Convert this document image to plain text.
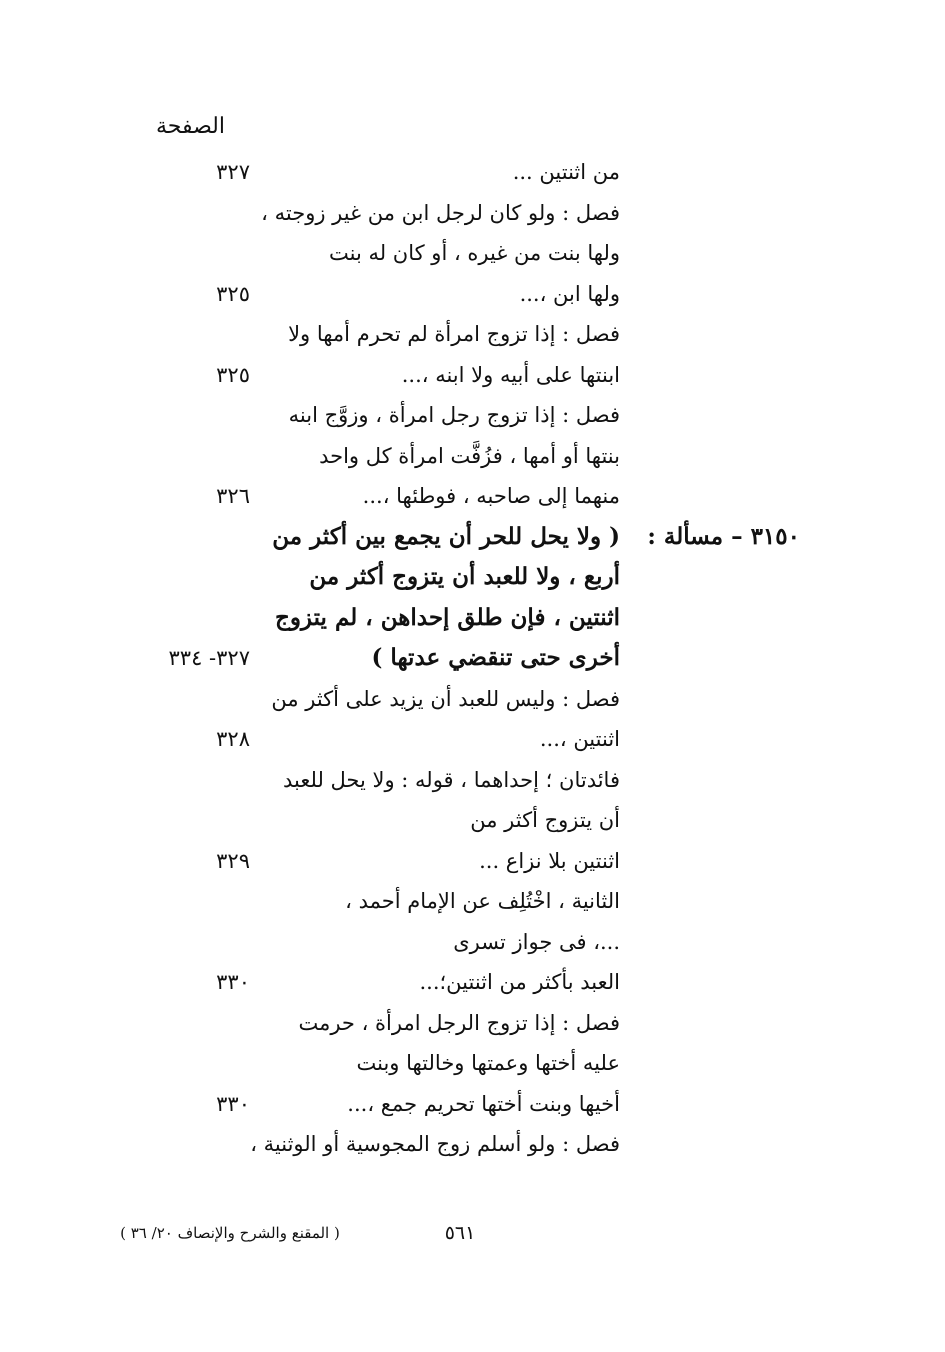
الصفحة
من اثنتين ...
٣٢٧
فصل : ولو كان لرجل ابن من غير زوجته ،
ولها بنت من غيره ، أو كان له بنت
ولها ابن ،...
٣٢٥
فصل : إذا تزوج امرأة لم تحرم أمها ولا
ابنتها على أبيه ولا ابنه ،...
٣٢٥
فصل : إذا تزوج رجل امرأة ، وزوَّج ابنه
بنتها أو أمها ، فزُفَّت امرأة كل واحد
منهما إلى صاحبه ، فوطئها ،...
٣٢٦
٣١٥٠ – مسألة :
( ولا يحل للحر أن يجمع بين أكثر من
أربع ، ولا للعبد أن يتزوج أكثر من
اثنتين ، فإن طلق إحداهن ، لم يتزوج
أخرى حتى تنقضي عدتها )
٣٢٧- ٣٣٤
فصل : وليس للعبد أن يزيد على أكثر من
اثنتين ،...
٣٢٨
فائدتان ؛ إحداهما ، قوله : ولا يحل للعبد
أن يتزوج أكثر من
اثنتين بلا نزاع ...
٣٢٩
الثانية ، اخْتُلِف عن الإمام أحمد ،
...، فى جواز تسرى
العبد بأكثر من اثنتين؛...
٣٣٠
فصل : إذا تزوج الرجل امرأة ، حرمت
عليه أختها وعمتها وخالتها وبنت
أخيها وبنت أختها تحريم جمع ،...
٣٣٠
فصل : ولو أسلم زوج المجوسية أو الوثنية ،
٥٦١
( المقنع والشرح والإنصاف ٢٠/ ٣٦ )
